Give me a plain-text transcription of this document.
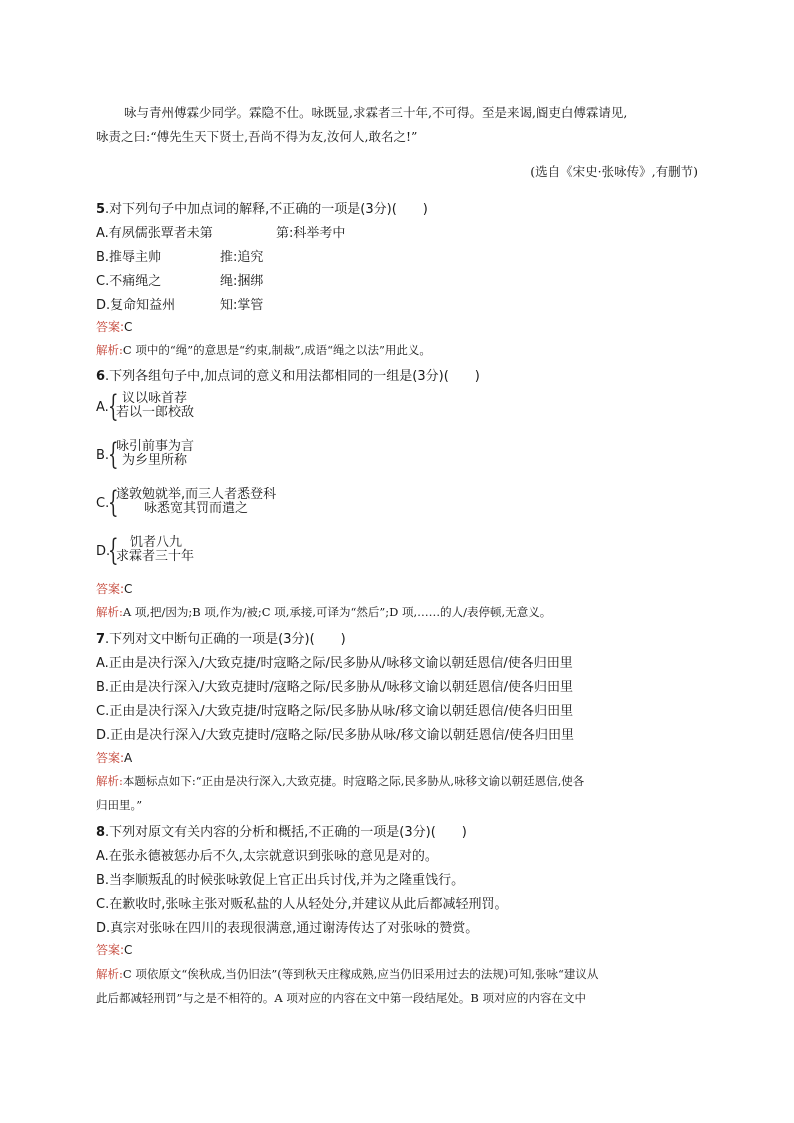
咏与青州傅霖少同学。霖隐不仕。咏既显,求霖者三十年,不可得。至是来谒,阍吏白傅霖请见,
咏责之曰:“傅先生天下贤士,吾尚不得为友,汝何人,敢名之!”
(选自《宋史·张咏传》,有删节)
5.对下列句子中加点词的解释,不正确的一项是(3分)(　　)
A.有夙儒张覃者未第	第:科举考中
B.推辱主帅	推:追究
C.不痛绳之	绳:捆绑
D.复命知益州	知:掌管
答案:C
解析:C 项中的“绳”的意思是“约束,制裁”,成语“绳之以法”用此义。
6.下列各组句子中,加点词的意义和用法都相同的一组是(3分)(　　)
A. { 议以咏首荐
若以一郎校敌
B.
{
咏引前事为言
为乡里所称
C.
{
遂敦勉就举,而三人者悉登科
咏悉宽其罚而遣之
D.
{ 饥者八九
求霖者三十年
答案:C
解析:A 项,把/因为;B 项,作为/被;C 项,承接,可译为“然后”;D 项,……的人/表停顿,无意义。
7.下列对文中断句正确的一项是(3分)(　　)
A.正由是决行深入/大致克捷/时寇略之际/民多胁从/咏移文谕以朝廷恩信/使各归田里
B.正由是决行深入/大致克捷时/寇略之际/民多胁从/咏移文谕以朝廷恩信/使各归田里
C.正由是决行深入/大致克捷/时寇略之际/民多胁从咏/移文谕以朝廷恩信/使各归田里
D.正由是决行深入/大致克捷时/寇略之际/民多胁从咏/移文谕以朝廷恩信/使各归田里
答案:A
解析:本题标点如下:“正由是决行深入,大致克捷。时寇略之际,民多胁从,咏移文谕以朝廷恩信,使各
归田里。”
8.下列对原文有关内容的分析和概括,不正确的一项是(3分)(　　)
A.在张永德被惩办后不久,太宗就意识到张咏的意见是对的。
B.当李顺叛乱的时候张咏敦促上官正出兵讨伐,并为之隆重饯行。
C.在歉收时,张咏主张对贩私盐的人从轻处分,并建议从此后都减轻刑罚。
D.真宗对张咏在四川的表现很满意,通过谢涛传达了对张咏的赞赏。
答案:C
解析:C 项依原文“俟秋成,当仍旧法”(等到秋天庄稼成熟,应当仍旧采用过去的法规)可知,张咏“建议从
此后都减轻刑罚”与之是不相符的。A 项对应的内容在文中第一段结尾处。B 项对应的内容在文中
